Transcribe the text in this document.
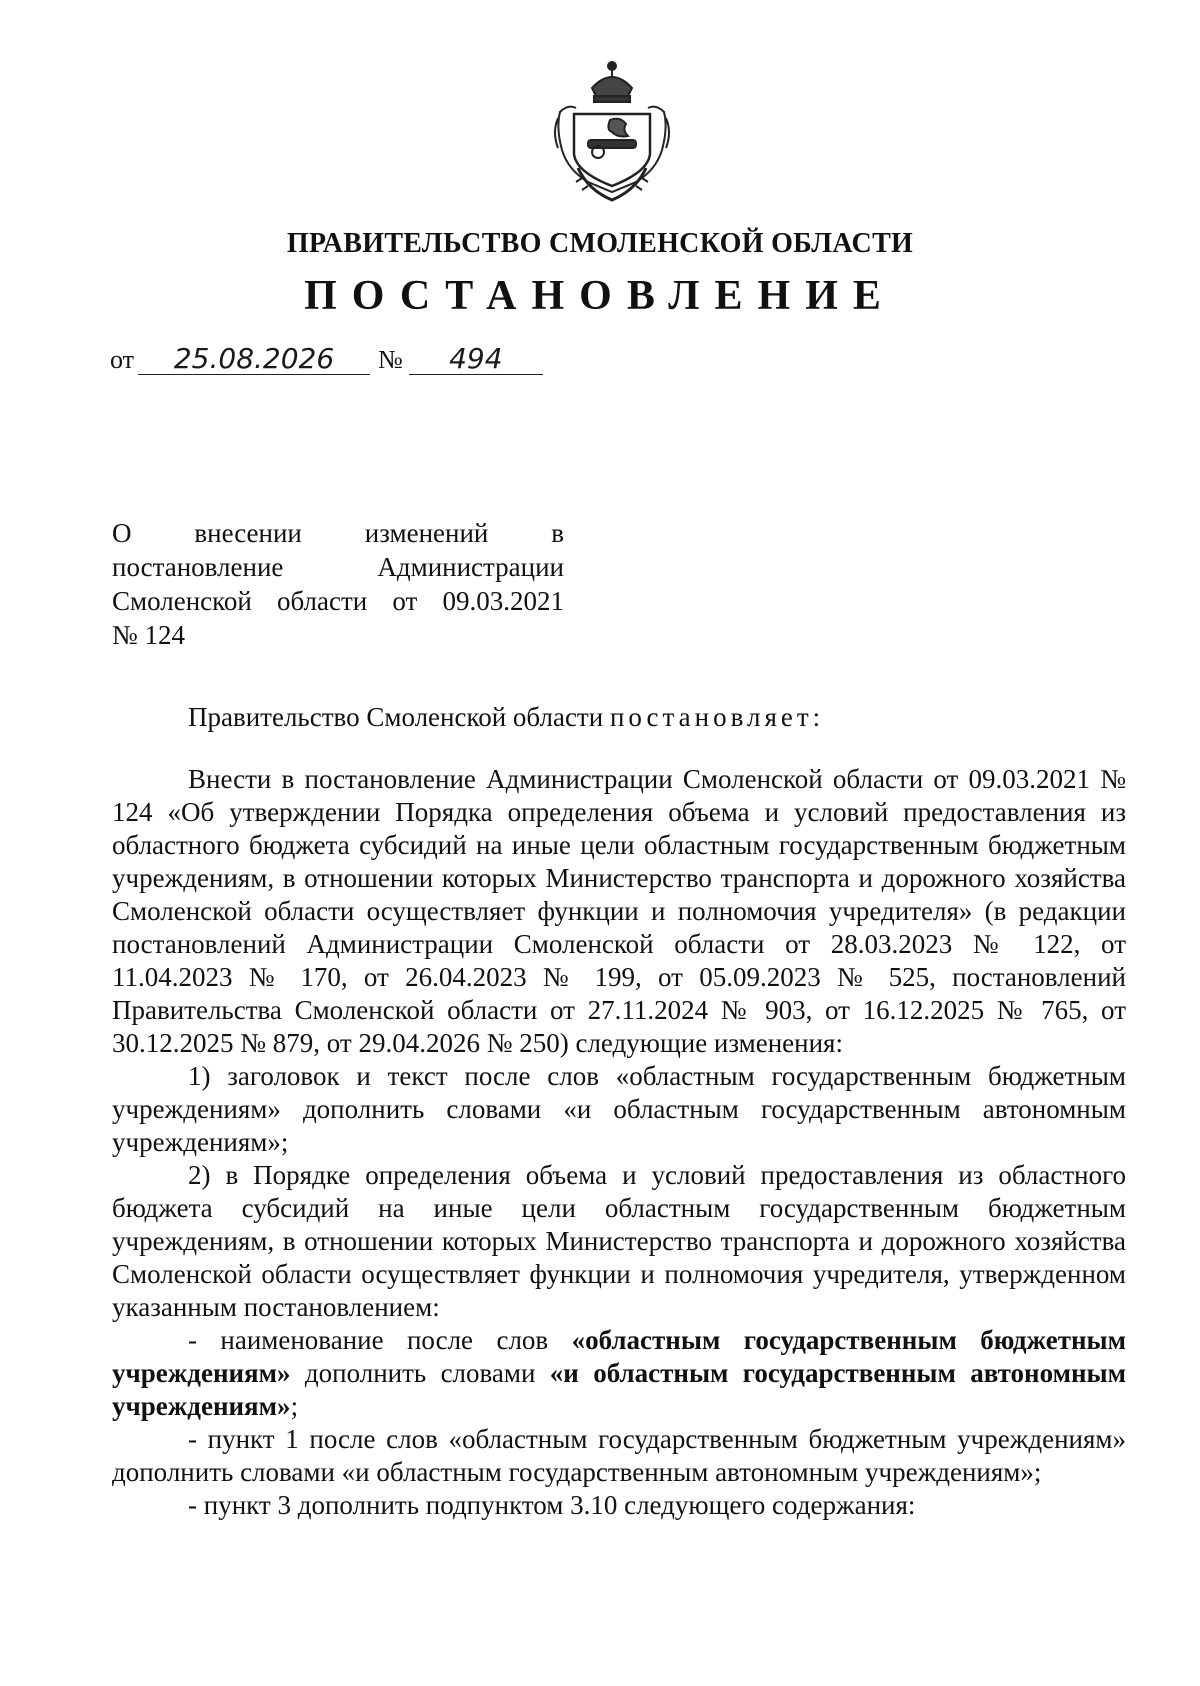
ПРАВИТЕЛЬСТВО СМОЛЕНСКОЙ ОБЛАСТИ
ПОСТАНОВЛЕНИЕ
от 25.08.2026 № 494
О внесении изменений в
постановление Администрации
Смоленской области от 09.03.2021
№ 124
Правительство Смоленской области постановляет:

Внести в постановление Администрации Смоленской области от 09.03.2021 № 124 «Об утверждении Порядка определения объема и условий предоставления из областного бюджета субсидий на иные цели областным государственным бюджетным учреждениям, в отношении которых Министерство транспорта и дорожного хозяйства Смоленской области осуществляет функции и полномочия учредителя» (в редакции постановлений Администрации Смоленской области от 28.03.2023 № 122, от 11.04.2023 № 170, от 26.04.2023 № 199, от 05.09.2023 № 525, постановлений Правительства Смоленской области от 27.11.2024 № 903, от 16.12.2025 № 765, от 30.12.2025 № 879, от 29.04.2026 № 250) следующие изменения:

1) заголовок и текст после слов «областным государственным бюджетным учреждениям» дополнить словами «и областным государственным автономным учреждениям»;

2) в Порядке определения объема и условий предоставления из областного бюджета субсидий на иные цели областным государственным бюджетным учреждениям, в отношении которых Министерство транспорта и дорожного хозяйства Смоленской области осуществляет функции и полномочия учредителя, утвержденном указанным постановлением:

- наименование после слов «областным государственным бюджетным учреждениям» дополнить словами «и областным государственным автономным учреждениям»;

- пункт 1 после слов «областным государственным бюджетным учреждениям» дополнить словами «и областным государственным автономным учреждениям»;

- пункт 3 дополнить подпунктом 3.10 следующего содержания:
